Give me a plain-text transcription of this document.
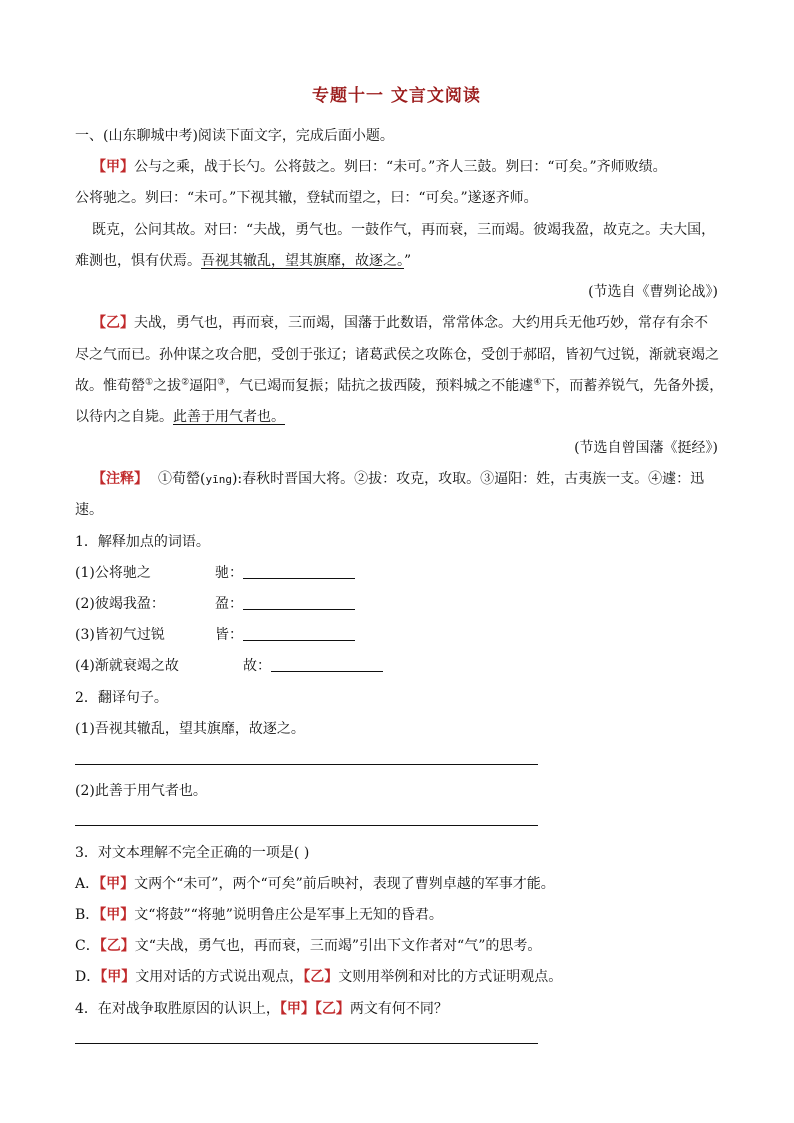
专题十一 文言文阅读
一、(山东聊城中考)阅读下面文字，完成后面小题。
【甲】公与之乘，战于长勺。公将鼓之。刿曰：“未可。”齐人三鼓。刿曰：“可矣。”齐师败绩。
公将驰之。刿曰：“未可。”下视其辙，登轼而望之，曰：“可矣。”遂逐齐师。
既克，公问其故。对曰：“夫战，勇气也。一鼓作气，再而衰，三而竭。彼竭我盈，故克之。夫大国，
难测也，惧有伏焉。吾视其辙乱，望其旗靡，故逐之。”
(节选自《曹刿论战》)
【乙】夫战，勇气也，再而衰，三而竭，国藩于此数语，常常体念。大约用兵无他巧妙，常存有余不
尽之气而已。孙仲谋之攻合肥，受创于张辽；诸葛武侯之攻陈仓，受创于郝昭，皆初气过锐，渐就衰竭之
故。惟荀罃①之拔②逼阳③，气已竭而复振；陆抗之拔西陵，预料城之不能遽④下，而蓄养锐气，先备外援，
以待内之自毙。此善于用气者也。
(节选自曾国藩《挺经》)
【注释】 ①荀罃(yīng):春秋时晋国大将。②拔：攻克，攻取。③逼阳：姓，古夷族一支。④遽：迅
速。
1．解释加点的词语。
(1)公将驰之	驰：
(2)彼竭我盈：	盈：
(3)皆初气过锐	皆：
(4)渐就衰竭之故	故：
2．翻译句子。
(1)吾视其辙乱，望其旗靡，故逐之。
(2)此善于用气者也。
3．对文本理解不完全正确的一项是( )
A．【甲】文两个“未可”，两个“可矣”前后映衬，表现了曹刿卓越的军事才能。
B．【甲】文“将鼓”“将驰”说明鲁庄公是军事上无知的昏君。
C．【乙】文“夫战，勇气也，再而衰，三而竭”引出下文作者对“气”的思考。
D．【甲】文用对话的方式说出观点，【乙】文则用举例和对比的方式证明观点。
4．在对战争取胜原因的认识上，【甲】【乙】两文有何不同？
